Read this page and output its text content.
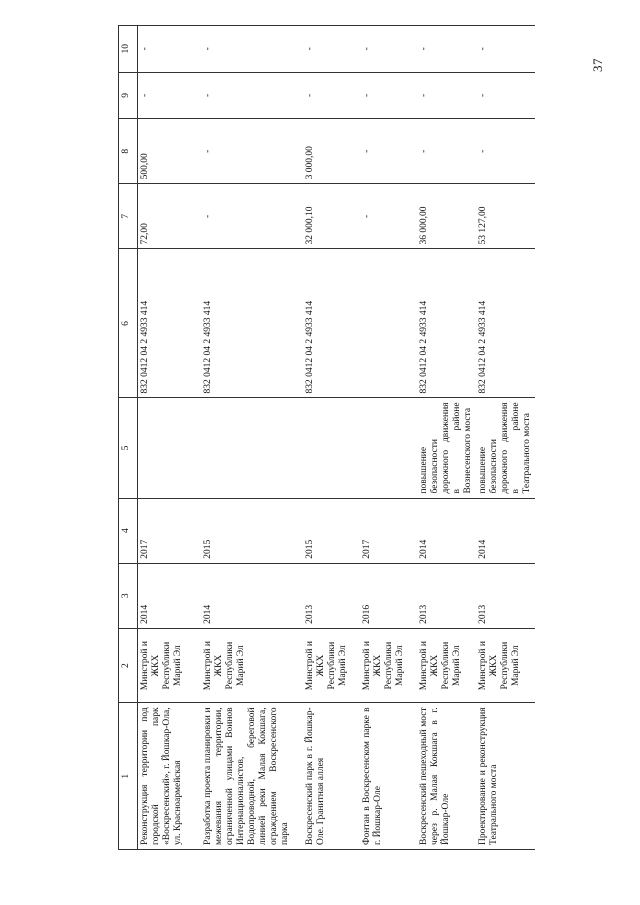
37
1	2	3	4	5	6	7	8	9	10
Реконструкция территории под городской парк «Воскресенский», г. Йошкар-Ола, ул. Красноармейская	Минстрой и ЖКХ Республики Марий Эл	2014	2017		832 0412 04 2 4933 414	72,00	500,00	-	-
Разработка проекта планировки и межевания территории, ограниченной улицами Воинов Интернационалистов, Водопроводной, береговой линией реки Малая Кокшага, ограждением Воскресенского парка	Минстрой и ЖКХ Республики Марий Эл	2014	2015		832 0412 04 2 4933 414	-	-	-	-
Воскресенский парк в г. Йошкар-Оле. Гранитная аллея	Минстрой и ЖКХ Республики Марий Эл	2013	2015		832 0412 04 2 4933 414	32 000,10	3 000,00	-	-
Фонтан в Воскресенском парке в г. Йошкар-Оле	Минстрой и ЖКХ Республики Марий Эл	2016	2017			-	-	-	-
Воскресенский пешеходный мост через р. Малая Кокшага в г. Йошкар-Оле	Минстрой и ЖКХ Республики Марий Эл	2013	2014	повышение безопасности дорожного движения в районе Вознесенского моста	832 0412 04 2 4933 414	36 000,00	-	-	-
Проектирование и реконструкция Театрального моста	Минстрой и ЖКХ Республики Марий Эл	2013	2014	повышение безопасности дорожного движения в районе Театрального моста	832 0412 04 2 4933 414	53 127,00	-	-	-
